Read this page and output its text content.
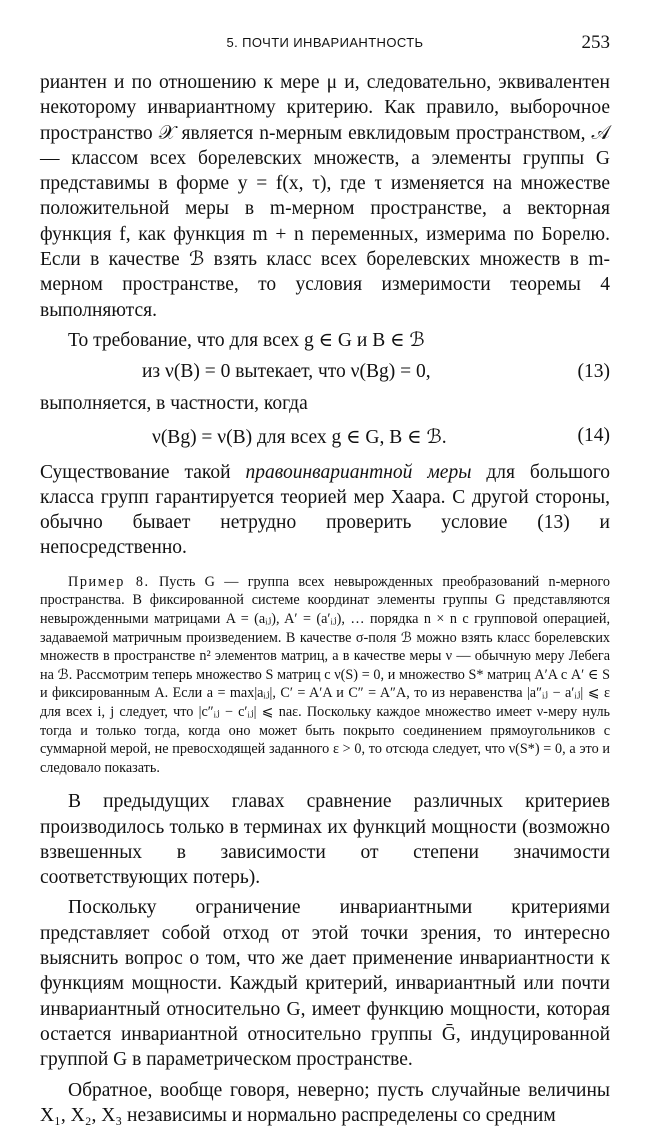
5. ПОЧТИ ИНВАРИАНТНОСТЬ	253

риантен и по отношению к мере μ и, следовательно, эквивалентен некоторому инвариантному критерию. Как правило, выборочное пространство 𝒳 является n-мерным евклидовым пространством, 𝒜 — классом всех борелевских множеств, а элементы группы G представимы в форме y = f(x, τ), где τ изменяется на множестве положительной меры в m-мерном пространстве, а векторная функция f, как функция m + n переменных, измерима по Борелю. Если в качестве ℬ взять класс всех борелевских множеств в m-мерном пространстве, то условия измеримости теоремы 4 выполняются.

То требование, что для всех g ∈ G и B ∈ ℬ

из ν(B) = 0 вытекает, что ν(Bg) = 0,	(13)

выполняется, в частности, когда

ν(Bg) = ν(B) для всех g ∈ G, B ∈ ℬ.	(14)

Существование такой правоинвариантной меры для большого класса групп гарантируется теорией мер Хаара. С другой стороны, обычно бывает нетрудно проверить условие (13) и непосредственно.

Пример 8. Пусть G — группа всех невырожденных преобразований n-мерного пространства. В фиксированной системе координат элементы группы G представляются невырожденными матрицами A = (aᵢⱼ), A′ = (a′ᵢⱼ), … порядка n × n с групповой операцией, задаваемой матричным произведением. В качестве σ-поля ℬ можно взять класс борелевских множеств в пространстве n² элементов матриц, а в качестве меры ν — обычную меру Лебега на ℬ. Рассмотрим теперь множество S матриц с ν(S) = 0, и множество S* матриц A′A с A′ ∈ S и фиксированным A. Если a = max|aᵢⱼ|, C′ = A′A и C″ = A″A, то из неравенства |a″ᵢⱼ − a′ᵢⱼ| ⩽ ε для всех i, j следует, что |c″ᵢⱼ − c′ᵢⱼ| ⩽ naε. Поскольку каждое множество имеет ν-меру нуль тогда и только тогда, когда оно может быть покрыто соединением прямоугольников с суммарной мерой, не превосходящей заданного ε > 0, то отсюда следует, что ν(S*) = 0, а это и следовало показать.

В предыдущих главах сравнение различных критериев производилось только в терминах их функций мощности (возможно взвешенных в зависимости от степени значимости соответствующих потерь).

Поскольку ограничение инвариантными критериями представляет собой отход от этой точки зрения, то интересно выяснить вопрос о том, что же дает применение инвариантности к функциям мощности. Каждый критерий, инвариантный или почти инвариантный относительно G, имеет функцию мощности, которая остается инвариантной относительно группы Ḡ, индуцированной группой G в параметрическом пространстве.

Обратное, вообще говоря, неверно; пусть случайные величины X₁, X₂, X₃ независимы и нормально распределены со средним
